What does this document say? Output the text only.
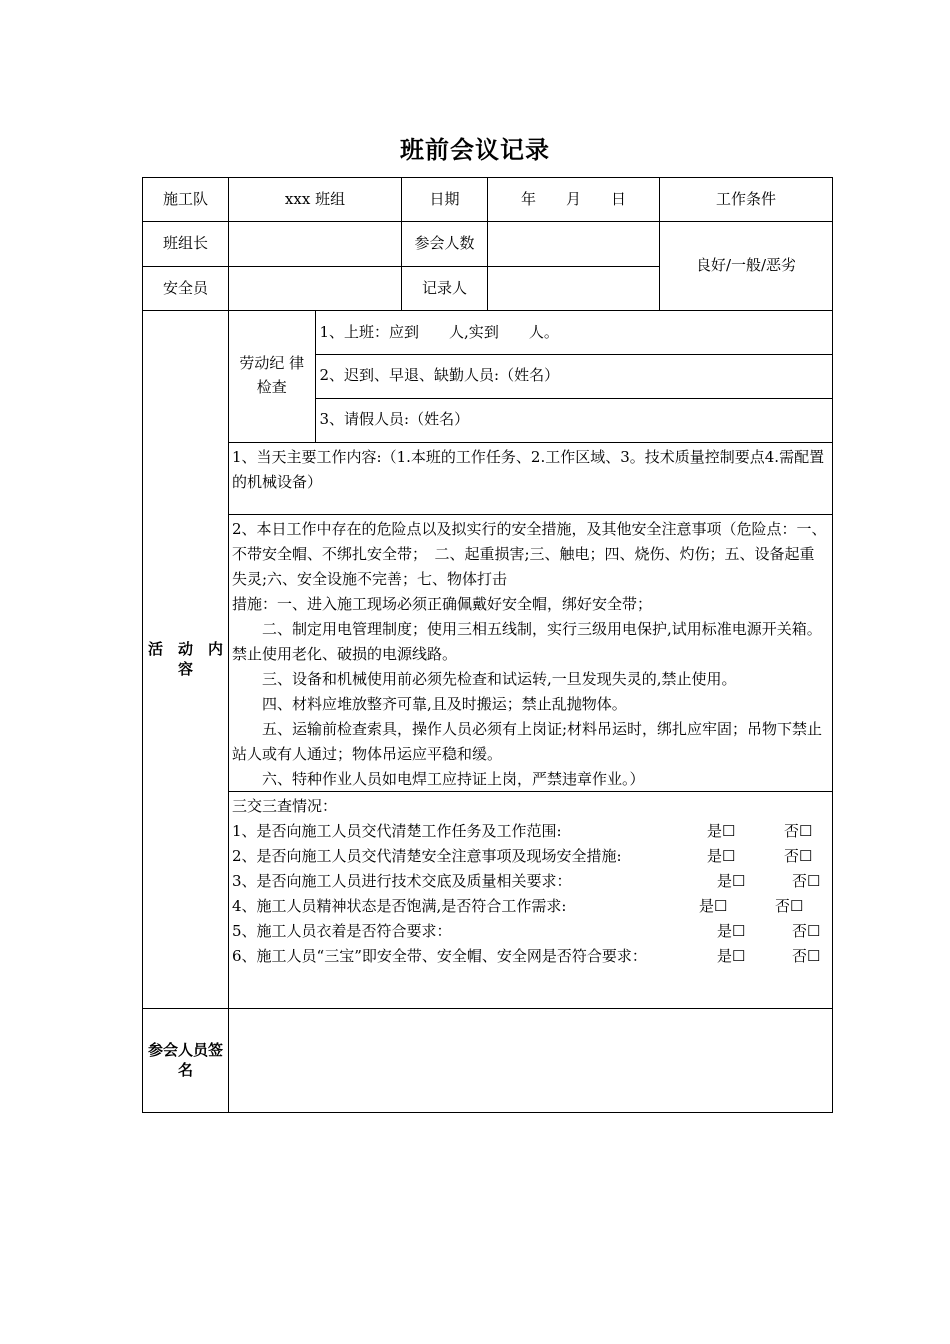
班前会议记录
施工队	xxx 班组	日期	年　　月　　日	工作条件
班组长		参会人数		良好/一般/恶劣
安全员		记录人	

活　动　内
容

劳动纪 律
检查
	1、上班：应到　　人,实到　　人。
2、迟到、早退、缺勤人员:（姓名）
3、请假人员:（姓名）
1、当天主要工作内容:（1.本班的工作任务、2.工作区域、3。技术质量控制要点4.需配置的机械设备）
2、本日工作中存在的危险点以及拟实行的安全措施，及其他安全注意事项（危险点：一、不带安全帽、不绑扎安全带；　二、起重损害;三、触电；四、烧伤、灼伤；五、设备起重失灵;六、安全设施不完善；七、物体打击
措施：一、进入施工现场必须正确佩戴好安全帽，绑好安全带；
二、制定用电管理制度；使用三相五线制，实行三级用电保护,试用标准电源开关箱。禁止使用老化、破损的电源线路。
三、设备和机械使用前必须先检查和试运转,一旦发现失灵的,禁止使用。
四、材料应堆放整齐可靠,且及时搬运；禁止乱抛物体。
五、运输前检查索具，操作人员必须有上岗证;材料吊运时，绑扎应牢固；吊物下禁止站人或有人通过；物体吊运应平稳和缓。
六、特种作业人员如电焊工应持证上岗，严禁违章作业。）
三交三查情况：
1、是否向施工人员交代清楚工作任务及工作范围:	是☐	否☐
2、是否向施工人员交代清楚安全注意事项及现场安全措施:	是☐	否☐
3、是否向施工人员进行技术交底及质量相关要求：	是☐	否☐
4、施工人员精神状态是否饱满,是否符合工作需求:	是☐	否☐
5、施工人员衣着是否符合要求：	是☐	否☐
6、施工人员“三宝”即安全带、安全帽、安全网是否符合要求：	是☐	否☐

参会人员签
名
